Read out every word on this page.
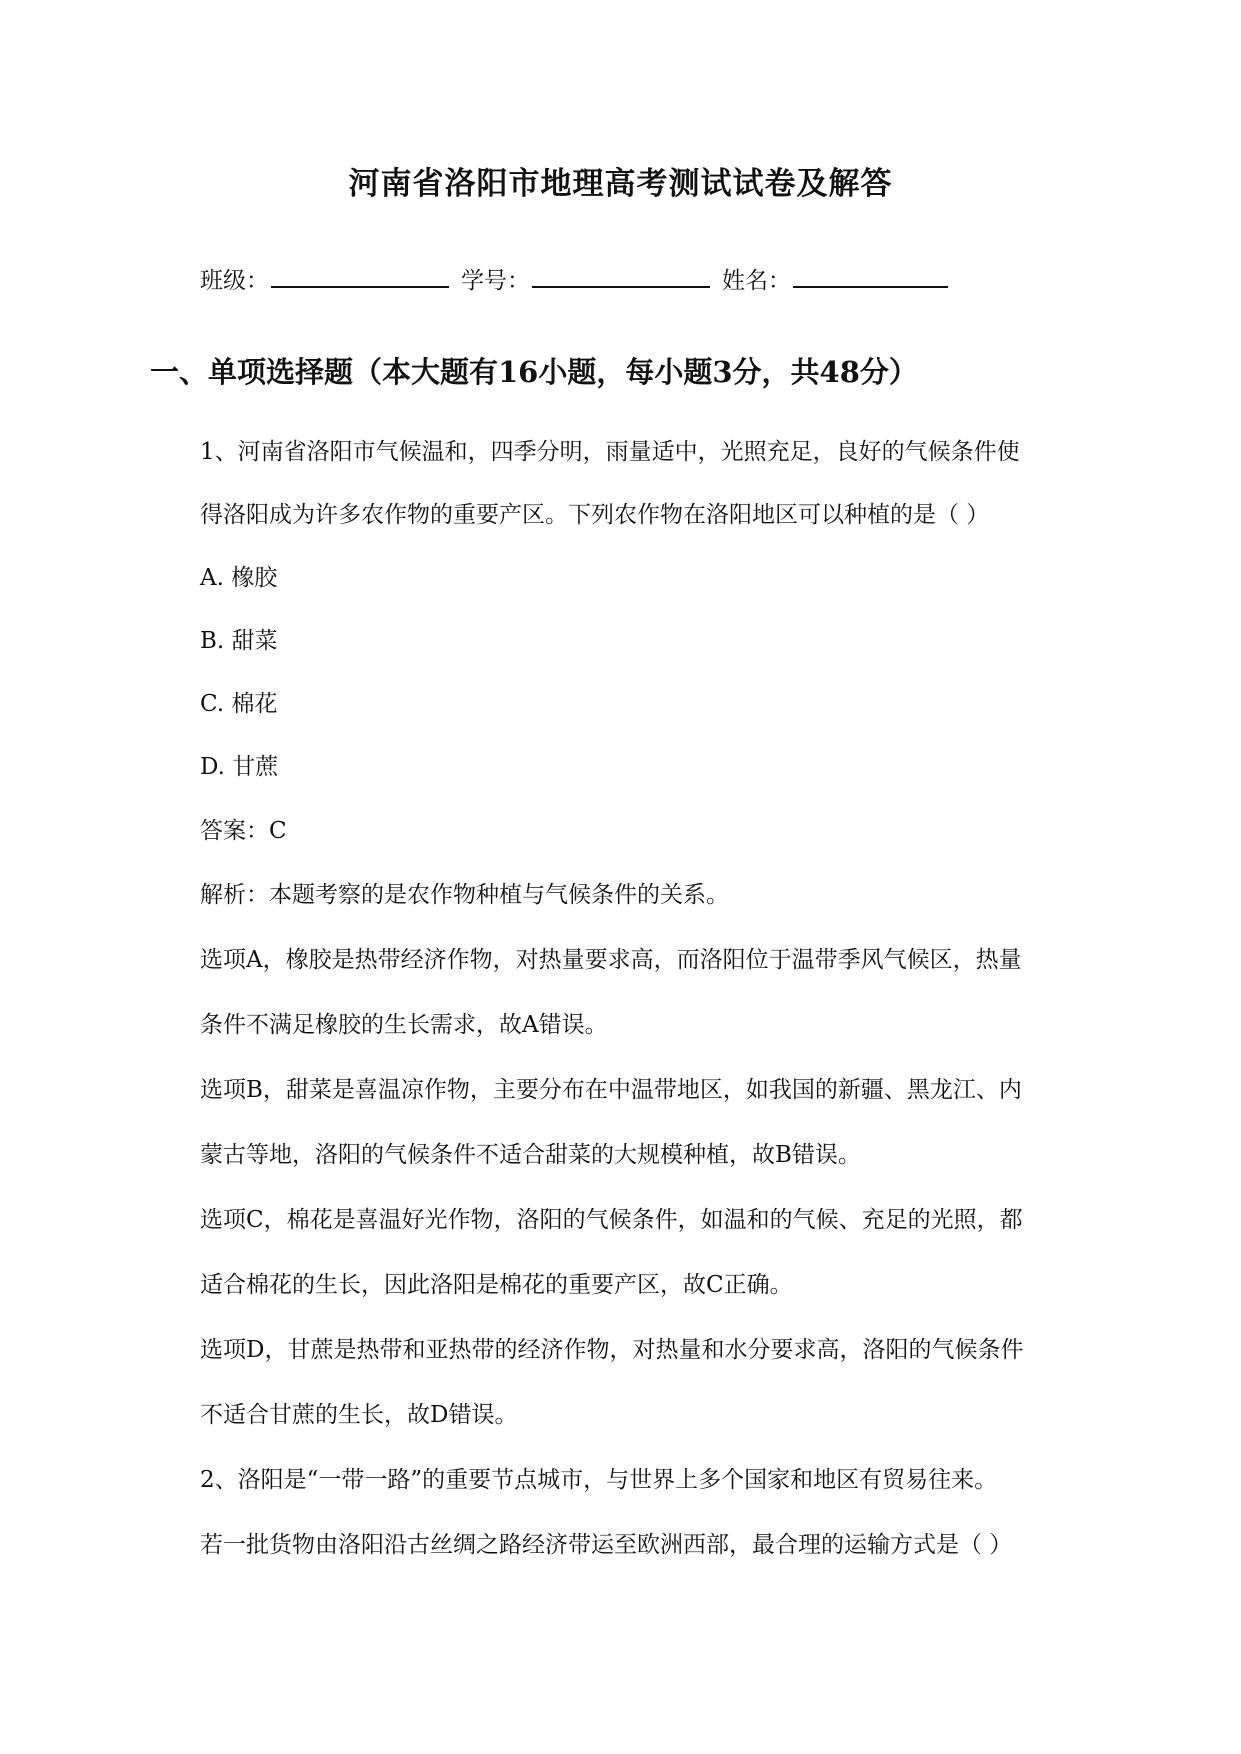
河南省洛阳市地理高考测试试卷及解答
班级：	学号：	姓名：
一、单项选择题（本大题有16小题，每小题3分，共48分）
1、河南省洛阳市气候温和，四季分明，雨量适中，光照充足，良好的气候条件使
得洛阳成为许多农作物的重要产区。下列农作物在洛阳地区可以种植的是（ ）
A. 橡胶
B. 甜菜
C. 棉花
D. 甘蔗
答案：C
解析：本题考察的是农作物种植与气候条件的关系。
选项A，橡胶是热带经济作物，对热量要求高，而洛阳位于温带季风气候区，热量
条件不满足橡胶的生长需求，故A错误。
选项B，甜菜是喜温凉作物，主要分布在中温带地区，如我国的新疆、黑龙江、内
蒙古等地，洛阳的气候条件不适合甜菜的大规模种植，故B错误。
选项C，棉花是喜温好光作物，洛阳的气候条件，如温和的气候、充足的光照，都
适合棉花的生长，因此洛阳是棉花的重要产区，故C正确。
选项D，甘蔗是热带和亚热带的经济作物，对热量和水分要求高，洛阳的气候条件
不适合甘蔗的生长，故D错误。
2、洛阳是“一带一路”的重要节点城市，与世界上多个国家和地区有贸易往来。
若一批货物由洛阳沿古丝绸之路经济带运至欧洲西部，最合理的运输方式是（ ）
